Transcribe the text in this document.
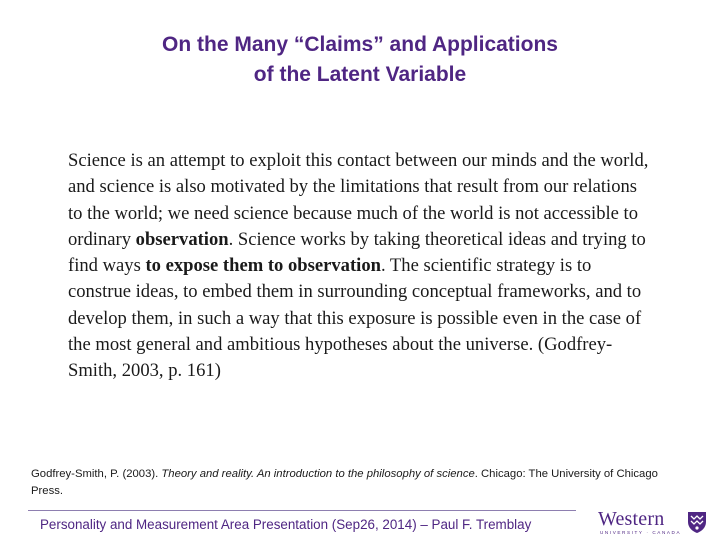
On the Many “Claims” and Applications
of the Latent Variable
Science is an attempt to exploit this contact between our minds and the world, and science is also motivated by the limitations that result from our relations to the world; we need science because much of the world is not accessible to ordinary observation. Science works by taking theoretical ideas and trying to find ways to expose them to observation. The scientific strategy is to construe ideas, to embed them in surrounding conceptual frameworks, and to develop them, in such a way that this exposure is possible even in the case of the most general and ambitious hypotheses about the universe. (Godfrey-Smith, 2003, p. 161)
Godfrey-Smith, P. (2003). Theory and reality. An introduction to the philosophy of science. Chicago: The University of Chicago Press.
Personality and Measurement Area Presentation (Sep26, 2014) – Paul F. Tremblay	Western
UNIVERSITY · CANADA
